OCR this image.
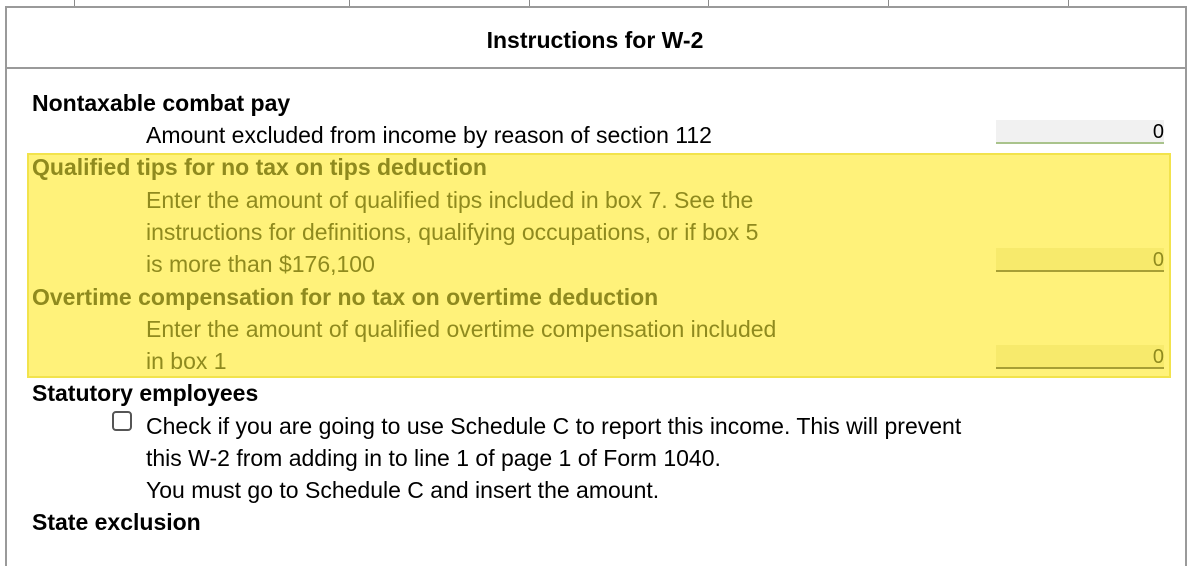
Instructions for W-2
Nontaxable combat pay
Amount excluded from income by reason of section 112	0
Qualified tips for no tax on tips deduction
Enter the amount of qualified tips included in box 7. See the
instructions for definitions, qualifying occupations, or if box 5
is more than $176,100	0
Overtime compensation for no tax on overtime deduction
Enter the amount of qualified overtime compensation included
in box 1	0
Statutory employees
Check if you are going to use Schedule C to report this income. This will prevent
this W-2 from adding in to line 1 of page 1 of Form 1040.
You must go to Schedule C and insert the amount.
State exclusion
